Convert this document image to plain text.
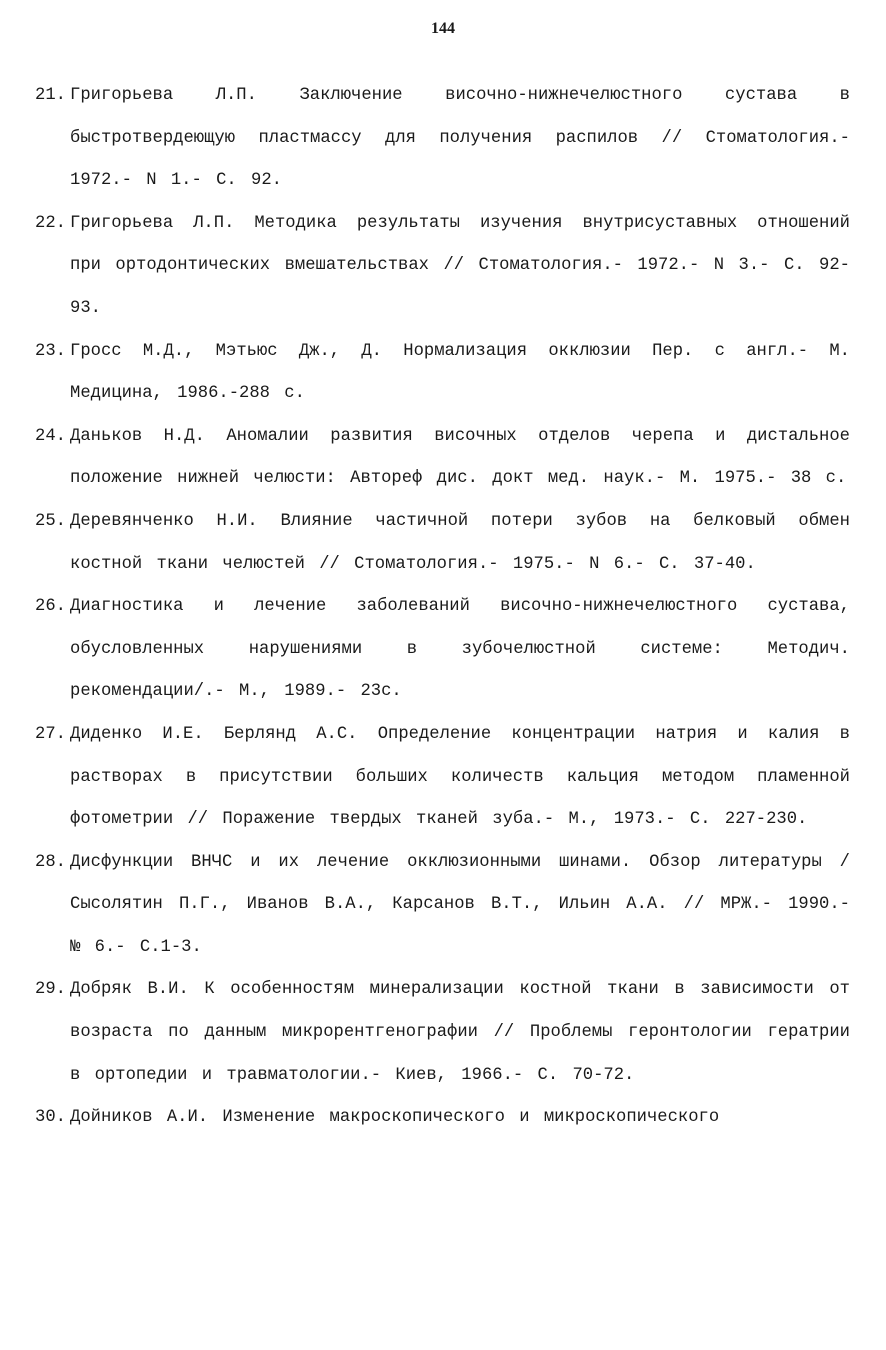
144
21. Григорьева Л.П. Заключение височно-нижнечелюстного сустава в быстротвердеющую пластмассу для получения распилов // Стоматология.- 1972.- N 1.- С. 92.
22. Григорьева Л.П. Методика результаты изучения внутрисуставных отношений при ортодонтических вмешательствах // Стоматология.- 1972.- N 3.- С. 92-93.
23. Гросс М.Д., Мэтьюс Дж., Д. Нормализация окклюзии Пер. с англ.- М. Медицина, 1986.-288 с.
24. Даньков Н.Д. Аномалии развития височных отделов черепа и дистальное положение нижней челюсти: Автореф дис. докт мед. наук.- М. 1975.- 38 с.
25. Деревянченко Н.И. Влияние частичной потери зубов на белковый обмен костной ткани челюстей // Стоматология.- 1975.- N 6.- С. 37-40.
26. Диагностика и лечение заболеваний височно-нижнечелюстного сустава, обусловленных нарушениями в зубочелюстной системе: Методич. рекомендации/.- М., 1989.- 23с.
27. Диденко И.Е. Берлянд А.С. Определение концентрации натрия и калия в растворах в присутствии больших количеств кальция методом пламенной фотометрии // Поражение твердых тканей зуба.- М., 1973.- С. 227-230.
28. Дисфункции ВНЧС и их лечение окклюзионными шинами. Обзор литературы / Сысолятин П.Г., Иванов В.А., Карсанов В.Т., Ильин А.А. // МРЖ.- 1990.- № 6.- С.1-3.
29. Добряк В.И. К особенностям минерализации костной ткани в зависимости от возраста по данным микрорентгенографии // Проблемы геронтологии гератрии в ортопедии и травматологии.- Киев, 1966.- С. 70-72.
30. Дойников А.И. Изменение макроскопического и микроскопического
